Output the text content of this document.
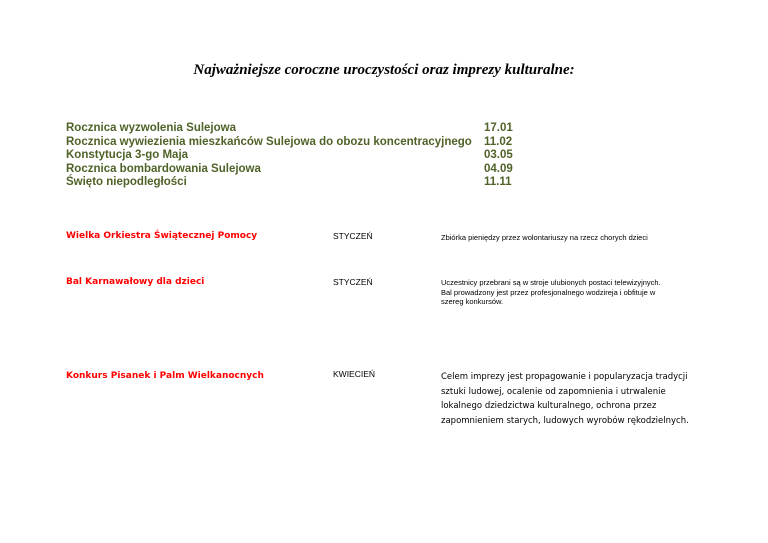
Najważniejsze coroczne uroczystości oraz imprezy kulturalne:
Rocznica wyzwolenia Sulejowa	17.01
Rocznica wywiezienia mieszkańców Sulejowa do obozu koncentracyjnego 11.02
Konstytucja 3-go Maja	03.05
Rocznica bombardowania Sulejowa	04.09
Święto niepodległości	11.11
Wielka Orkiestra Świątecznej Pomocy	STYCZEŃ	Zbiórka pieniędzy przez wolontariuszy na rzecz chorych dzieci
Bal Karnawałowy dla dzieci	STYCZEŃ	Uczestnicy przebrani są w stroje ulubionych postaci telewizyjnych. Bal prowadzony jest przez profesjonalnego wodzireja i obfituje w szereg konkursów.
Konkurs Pisanek i Palm Wielkanocnych	KWIECIEŃ	Celem imprezy jest propagowanie i popularyzacja tradycji sztuki ludowej, ocalenie od zapomnienia i utrwalenie lokalnego dziedzictwa kulturalnego, ochrona przez zapomnieniem starych, ludowych wyrobów rękodzielnych.
